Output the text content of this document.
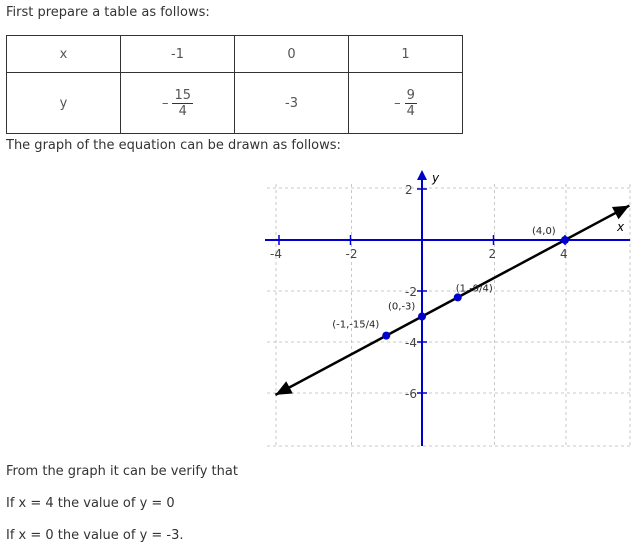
First prepare a table as follows:
x	-1	0	1
y	– $\frac{15}{4}$	-3	– $\frac{9}{4}$
The graph of the equation can be drawn as follows:
-4	-2	2	4
2
-2
-4
-6
x
y
(-1,-15/4)
(0,-3)
(1,-9/4)
(4,0)
From the graph it can be verify that
If x = 4 the value of y = 0
If x = 0 the value of y = -3.
